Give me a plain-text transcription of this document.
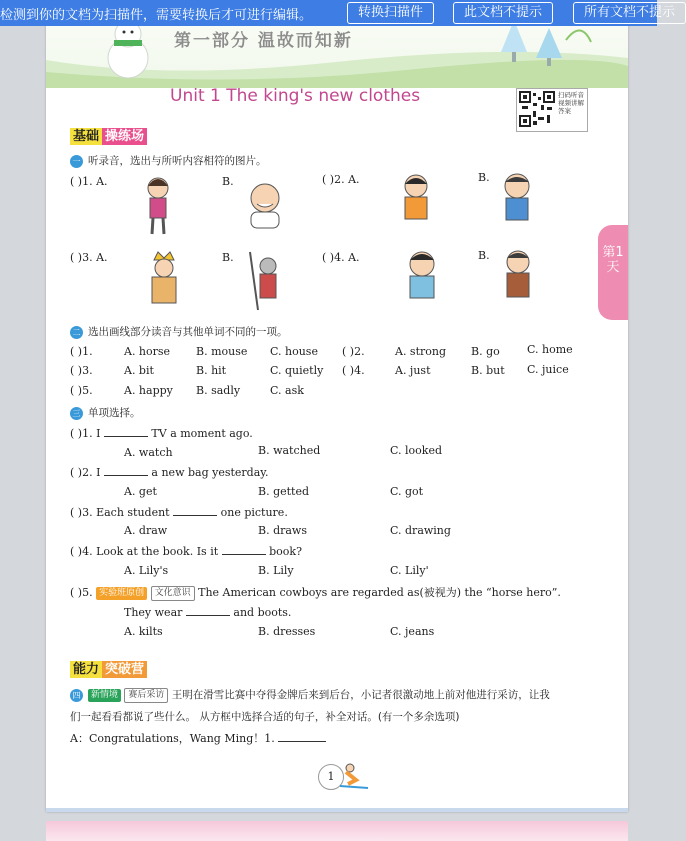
检测到你的文档为扫描件，需要转换后才可进行编辑。	转换扫描件	此文档不提示	所有文档不提示
第一部分 温故而知新
Unit 1 The king's new clothes	扫码听音 视频讲解 答案
基础 操练场
一 听录音，选出与所听内容相符的图片。
( )1. A.	B.	( )2. A.	B.
( )3. A.	B.	( )4. A.	B.
二 选出画线部分读音与其他单词不同的一项。
( )1.	A. horse B. mouse C. house ( )2.	A. strong B. go C. home
( )3.	A. bit	B. hit	C. quietly ( )4.	A. just	B. but C. juice
( )5.	A. happy B. sadly	C. ask
三 单项选择。
( )1. I	TV a moment ago.
A. watch	B. watched	C. looked
( )2. I	a new bag yesterday.
A. get	B. getted	C. got
( )3. Each student	one picture.
A. draw	B. draws	C. drawing
( )4. Look at the book. Is it	book?
A. Lily's	B. Lily	C. Lily'
( )5. 实验班原创 文化意识 The American cowboys are regarded as(被视为) the “horse hero”.
They wear	and boots.
A. kilts	B. dresses	C. jeans
能力 突破营
四 新情境 赛后采访 王明在滑雪比赛中夺得金牌后来到后台，小记者很激动地上前对他进行采访，让我
们一起看看都说了些什么。 从方框中选择合适的句子，补全对话。(有一个多余选项)
A：Congratulations，Wang Ming！1.
1
第1天
